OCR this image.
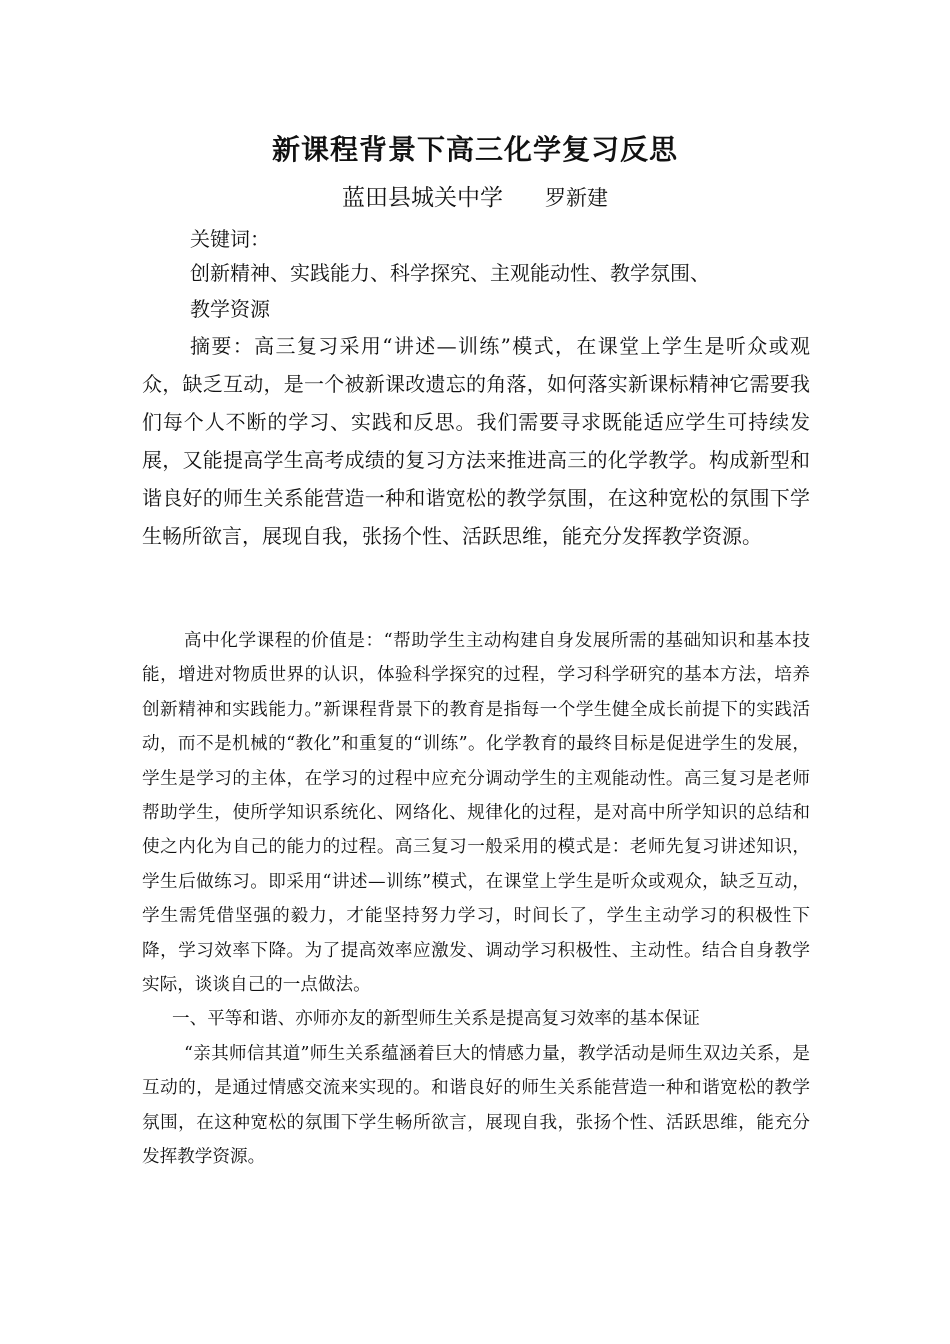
新课程背景下高三化学复习反思
蓝田县城关中学 罗新建
关键词：
创新精神、实践能力、科学探究、主观能动性、教学氛围、
教学资源

摘要：高三复习采用“讲述—训练”模式，在课堂上学生是听众或观众，缺乏互动，是一个被新课改遗忘的角落，如何落实新课标精神它需要我们每个人不断的学习、实践和反思。我们需要寻求既能适应学生可持续发展，又能提高学生高考成绩的复习方法来推进高三的化学教学。构成新型和谐良好的师生关系能营造一种和谐宽松的教学氛围，在这种宽松的氛围下学生畅所欲言，展现自我，张扬个性、活跃思维，能充分发挥教学资源。

高中化学课程的价值是：“帮助学生主动构建自身发展所需的基础知识和基本技能，增进对物质世界的认识，体验科学探究的过程，学习科学研究的基本方法，培养创新精神和实践能力。”新课程背景下的教育是指每一个学生健全成长前提下的实践活动，而不是机械的“教化”和重复的“训练”。化学教育的最终目标是促进学生的发展，学生是学习的主体，在学习的过程中应充分调动学生的主观能动性。高三复习是老师帮助学生，使所学知识系统化、网络化、规律化的过程，是对高中所学知识的总结和使之内化为自己的能力的过程。高三复习一般采用的模式是：老师先复习讲述知识，学生后做练习。即采用“讲述—训练”模式，在课堂上学生是听众或观众，缺乏互动，学生需凭借坚强的毅力，才能坚持努力学习，时间长了，学生主动学习的积极性下降，学习效率下降。为了提高效率应激发、调动学习积极性、主动性。结合自身教学实际，谈谈自己的一点做法。

一、平等和谐、亦师亦友的新型师生关系是提高复习效率的基本保证

“亲其师信其道”师生关系蕴涵着巨大的情感力量，教学活动是师生双边关系，是互动的，是通过情感交流来实现的。和谐良好的师生关系能营造一种和谐宽松的教学氛围，在这种宽松的氛围下学生畅所欲言，展现自我，张扬个性、活跃思维，能充分发挥教学资源。
